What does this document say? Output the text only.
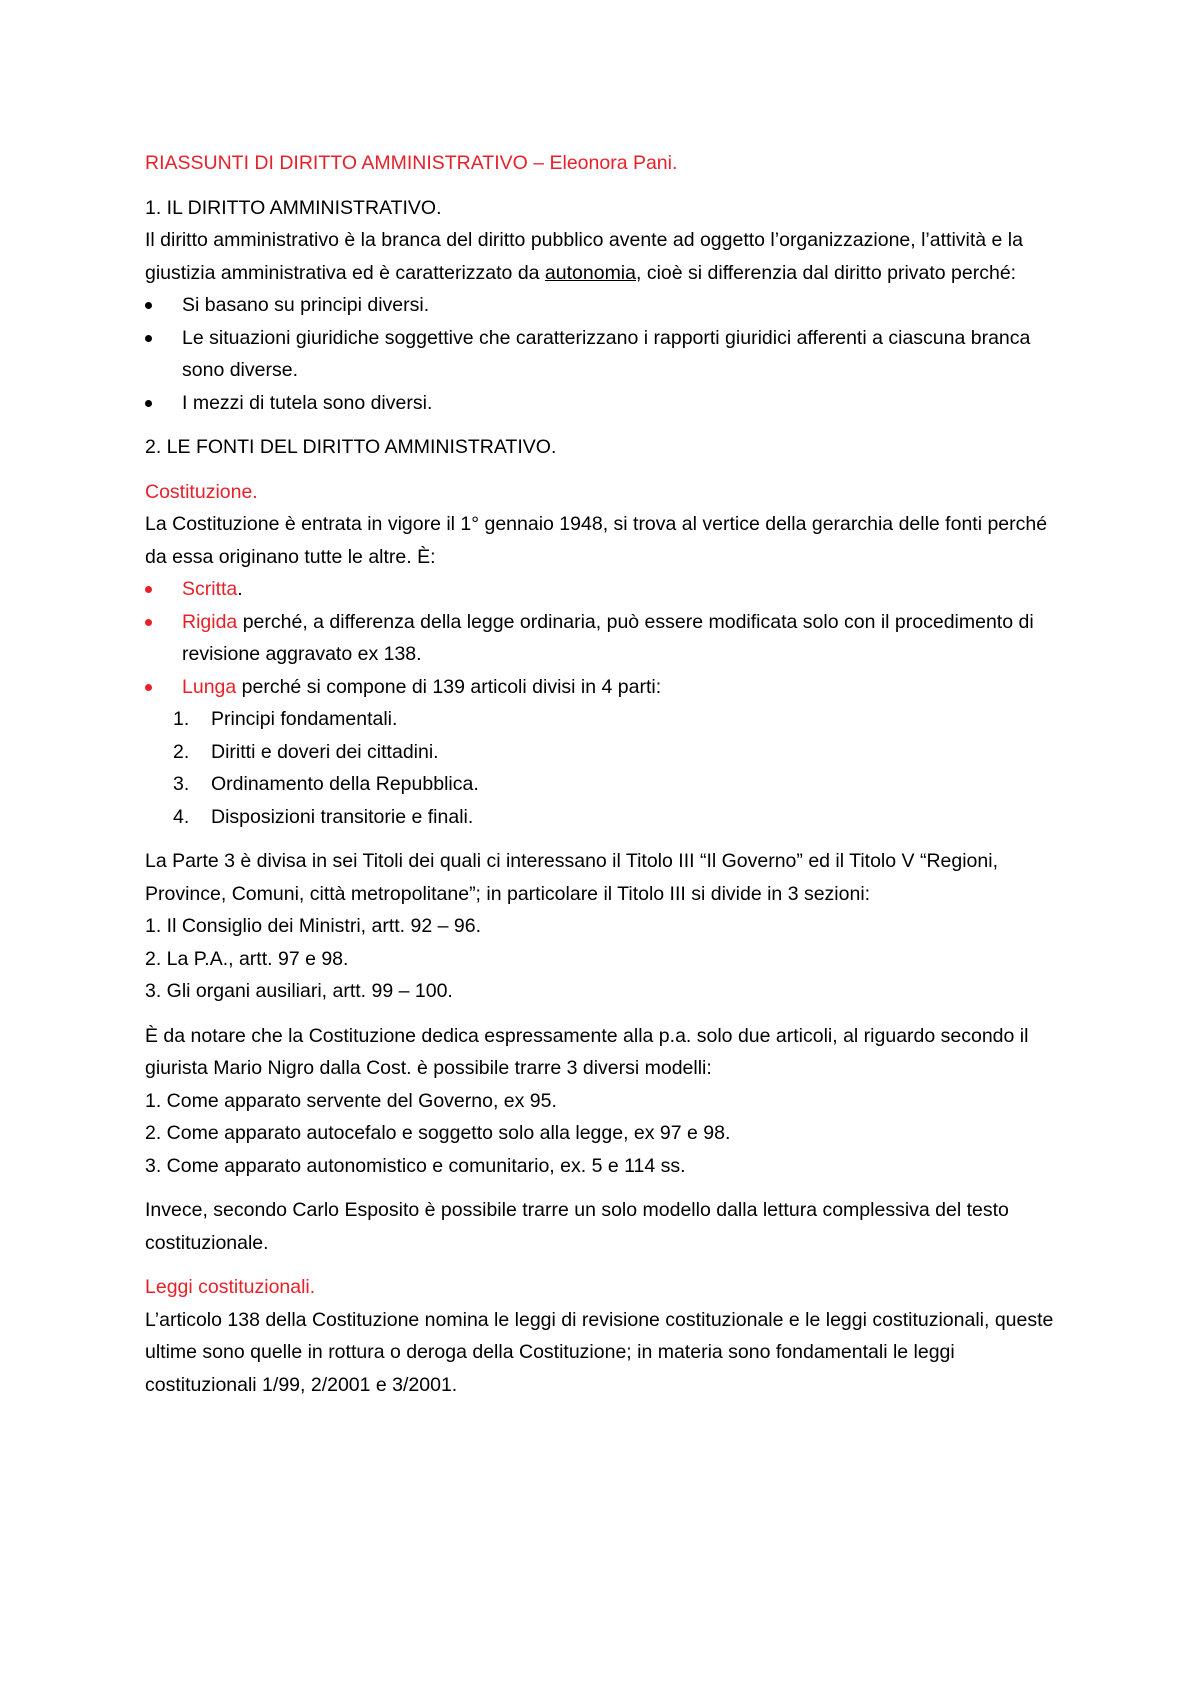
RIASSUNTI DI DIRITTO AMMINISTRATIVO – Eleonora Pani.

1. IL DIRITTO AMMINISTRATIVO.

Il diritto amministrativo è la branca del diritto pubblico avente ad oggetto l’organizzazione, l’attività e la giustizia amministrativa ed è caratterizzato da autonomia, cioè si differenzia dal diritto privato perché:

Si basano su principi diversi.
Le situazioni giuridiche soggettive che caratterizzano i rapporti giuridici afferenti a ciascuna branca sono diverse.
I mezzi di tutela sono diversi.

2. LE FONTI DEL DIRITTO AMMINISTRATIVO.

Costituzione.

La Costituzione è entrata in vigore il 1° gennaio 1948, si trova al vertice della gerarchia delle fonti perché da essa originano tutte le altre. È:

Scritta.
Rigida perché, a differenza della legge ordinaria, può essere modificata solo con il procedimento di revisione aggravato ex 138.
Lunga perché si compone di 139 articoli divisi in 4 parti:
1. Principi fondamentali.
2. Diritti e doveri dei cittadini.
3. Ordinamento della Repubblica.
4. Disposizioni transitorie e finali.

La Parte 3 è divisa in sei Titoli dei quali ci interessano il Titolo III “Il Governo” ed il Titolo V “Regioni, Province, Comuni, città metropolitane”; in particolare il Titolo III si divide in 3 sezioni:

1. Il Consiglio dei Ministri, artt. 92 – 96.

2. La P.A., artt. 97 e 98.

3. Gli organi ausiliari, artt. 99 – 100.

È da notare che la Costituzione dedica espressamente alla p.a. solo due articoli, al riguardo secondo il giurista Mario Nigro dalla Cost. è possibile trarre 3 diversi modelli:

1. Come apparato servente del Governo, ex 95.

2. Come apparato autocefalo e soggetto solo alla legge, ex 97 e 98.

3. Come apparato autonomistico e comunitario, ex. 5 e 114 ss.

Invece, secondo Carlo Esposito è possibile trarre un solo modello dalla lettura complessiva del testo costituzionale.

Leggi costituzionali.

L’articolo 138 della Costituzione nomina le leggi di revisione costituzionale e le leggi costituzionali, queste ultime sono quelle in rottura o deroga della Costituzione; in materia sono fondamentali le leggi costituzionali 1/99, 2/2001 e 3/2001.
